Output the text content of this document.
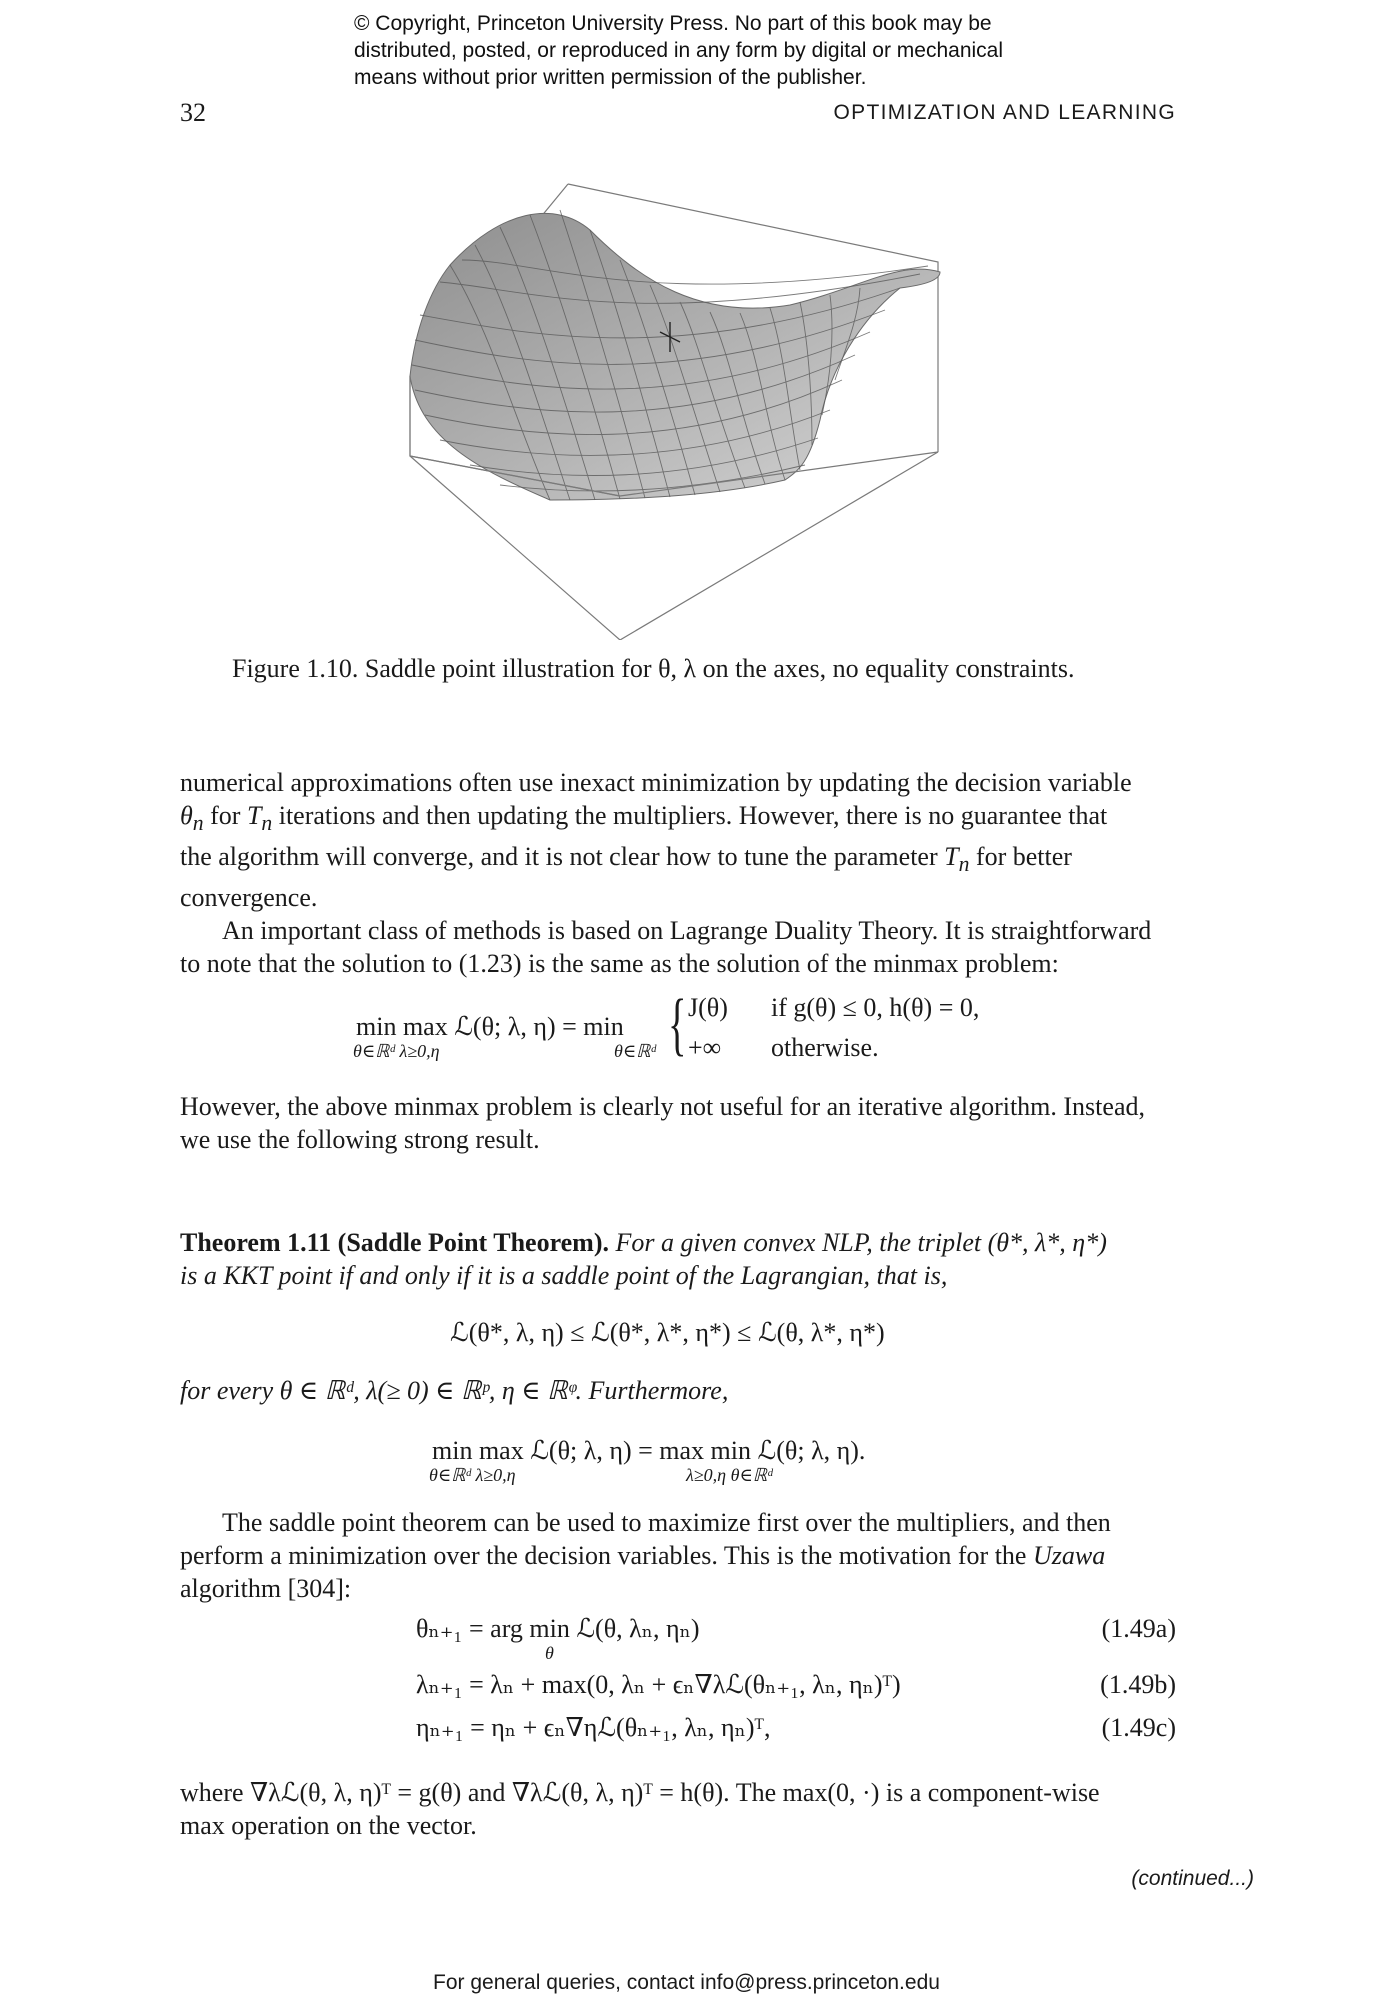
© Copyright, Princeton University Press. No part of this book may be
distributed, posted, or reproduced in any form by digital or mechanical
means without prior written permission of the publisher.
32	OPTIMIZATION AND LEARNING
Figure 1.10. Saddle point illustration for θ, λ on the axes, no equality constraints.

numerical approximations often use inexact minimization by updating the decision variable

$\theta_n$ for $T_n$ iterations and then updating the multipliers. However, there is no guarantee that

the algorithm will converge, and it is not clear how to tune the parameter $T_n$ for better

convergence.

An important class of methods is based on Lagrange Duality Theory. It is straightforward

to note that the solution to (1.23) is the same as the solution of the minmax problem:

min max ℒ(θ; λ, η) = min
θ∈ℝᵈ λ≥0,η	θ∈ℝᵈ { J(θ) if g(θ) ≤ 0, h(θ) = 0,
+∞ otherwise.

However, the above minmax problem is clearly not useful for an iterative algorithm. Instead,

we use the following strong result.

Theorem 1.11 (Saddle Point Theorem). For a given convex NLP, the triplet (θ*, λ*, η*)

is a KKT point if and only if it is a saddle point of the Lagrangian, that is,

ℒ(θ*, λ, η) ≤ ℒ(θ*, λ*, η*) ≤ ℒ(θ, λ*, η*)
for every θ ∈ ℝᵈ, λ(≥ 0) ∈ ℝᵖ, η ∈ ℝᵠ. Furthermore,
min max ℒ(θ; λ, η) = max min ℒ(θ; λ, η).
θ∈ℝᵈ λ≥0,η	λ≥0,η θ∈ℝᵈ

The saddle point theorem can be used to maximize first over the multipliers, and then

perform a minimization over the decision variables. This is the motivation for the Uzawa

algorithm [304]:

θₙ₊₁ = arg min ℒ(θ, λₙ, ηₙ)
θ
(1.49a)
λₙ₊₁ = λₙ + max(0, λₙ + ϵₙ∇λℒ(θₙ₊₁, λₙ, ηₙ)ᵀ)	(1.49b)
ηₙ₊₁ = ηₙ + ϵₙ∇ηℒ(θₙ₊₁, λₙ, ηₙ)ᵀ,	(1.49c)

where ∇λℒ(θ, λ, η)ᵀ = g(θ) and ∇λℒ(θ, λ, η)ᵀ = h(θ). The max(0, ·) is a component-wise

max operation on the vector.

(continued...)
For general queries, contact info@press.princeton.edu
